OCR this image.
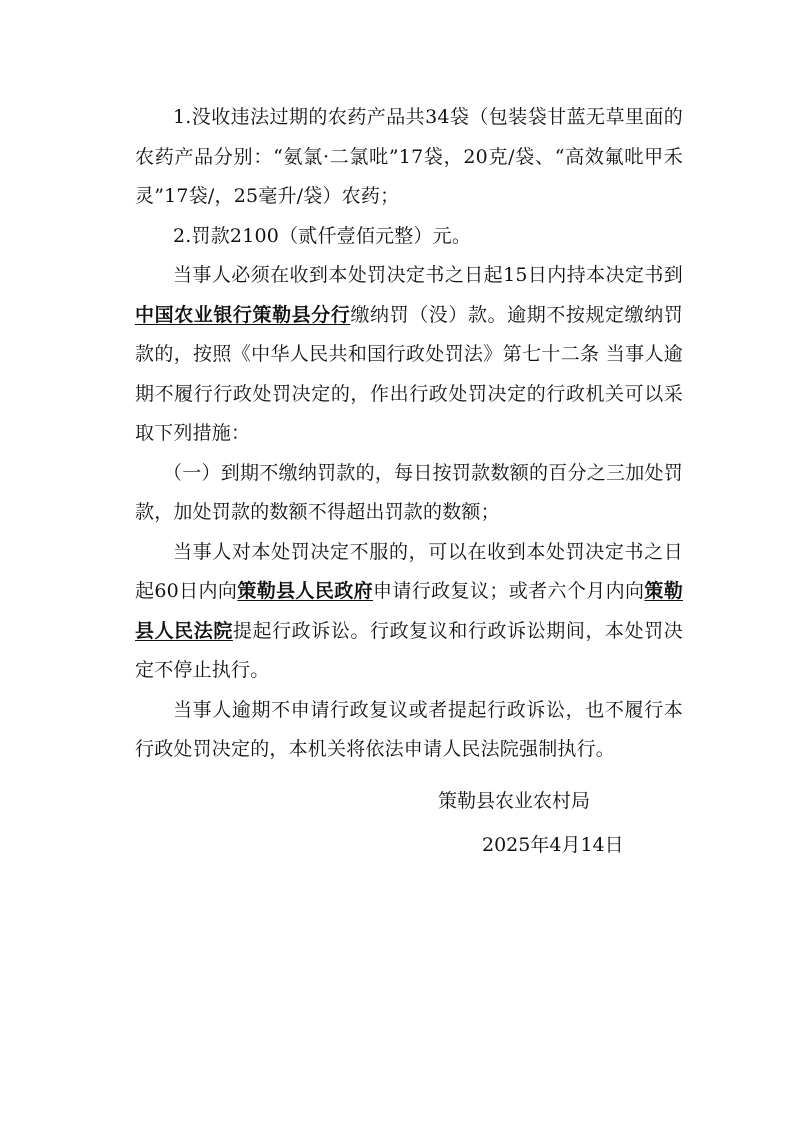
1.没收违法过期的农药产品共34袋（包装袋甘蓝无草里面的农药产品分别：“氨氯·二氯吡”17袋，20克/袋、“高效氟吡甲禾灵”17袋/，25毫升/袋）农药；

2.罚款2100（贰仟壹佰元整）元。

当事人必须在收到本处罚决定书之日起15日内持本决定书到中国农业银行策勒县分行缴纳罚（没）款。逾期不按规定缴纳罚款的，按照《中华人民共和国行政处罚法》第七十二条 当事人逾期不履行行政处罚决定的，作出行政处罚决定的行政机关可以采取下列措施：

（一）到期不缴纳罚款的，每日按罚款数额的百分之三加处罚款，加处罚款的数额不得超出罚款的数额；

当事人对本处罚决定不服的，可以在收到本处罚决定书之日起60日内向策勒县人民政府申请行政复议；或者六个月内向策勒县人民法院提起行政诉讼。行政复议和行政诉讼期间，本处罚决定不停止执行。

当事人逾期不申请行政复议或者提起行政诉讼，也不履行本行政处罚决定的，本机关将依法申请人民法院强制执行。

策勒县农业农村局
2025年4月14日
